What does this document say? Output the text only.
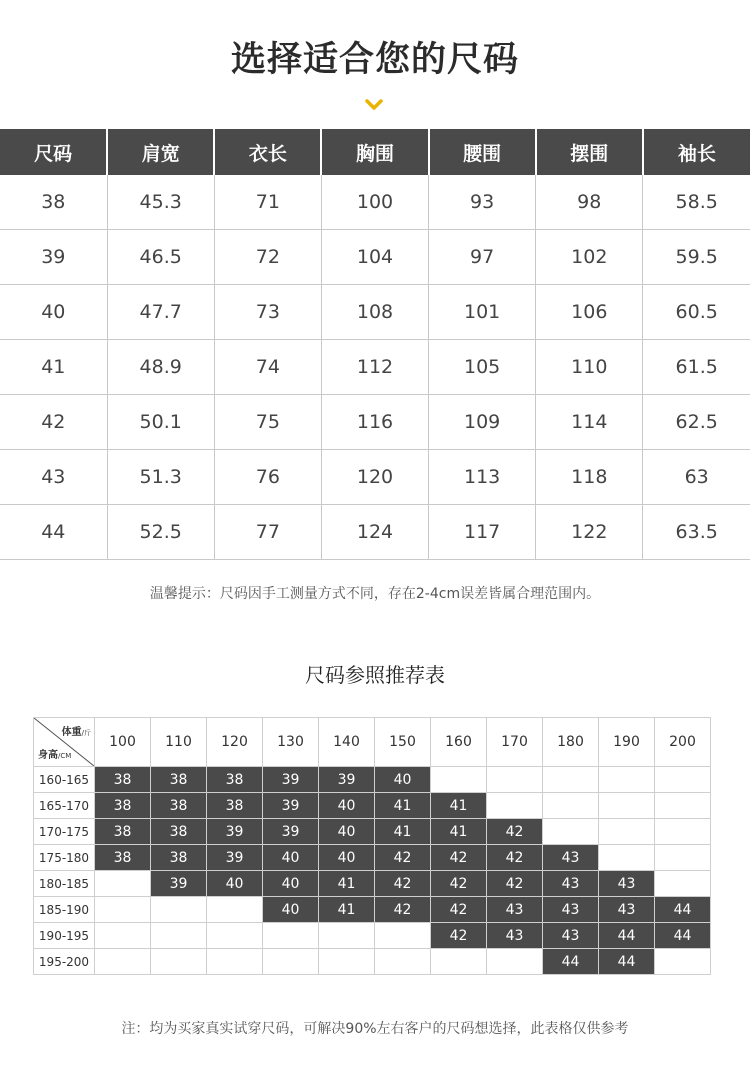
选择适合您的尺码
尺码	肩宽	衣长	胸围	腰围	摆围	袖长
38	45.3	71	100	93	98	58.5
39	46.5	72	104	97	102	59.5
40	47.7	73	108	101	106	60.5
41	48.9	74	112	105	110	61.5
42	50.1	75	116	109	114	62.5
43	51.3	76	120	113	118	63
44	52.5	77	124	117	122	63.5
温馨提示：尺码因手工测量方式不同，存在2-4cm误差皆属合理范围内。
尺码参照推荐表
体重/斤
身高/CM	100	110	120	130	140	150	160	170	180	190	200
160-165	38	38	38	39	39	40					
165-170	38	38	38	39	40	41	41				
170-175	38	38	39	39	40	41	41	42			
175-180	38	38	39	40	40	42	42	42	43		
180-185		39	40	40	41	42	42	42	43	43	
185-190				40	41	42	42	43	43	43	44
190-195							42	43	43	44	44
195-200									44	44	
注：均为买家真实试穿尺码，可解决90%左右客户的尺码想选择，此表格仅供参考
